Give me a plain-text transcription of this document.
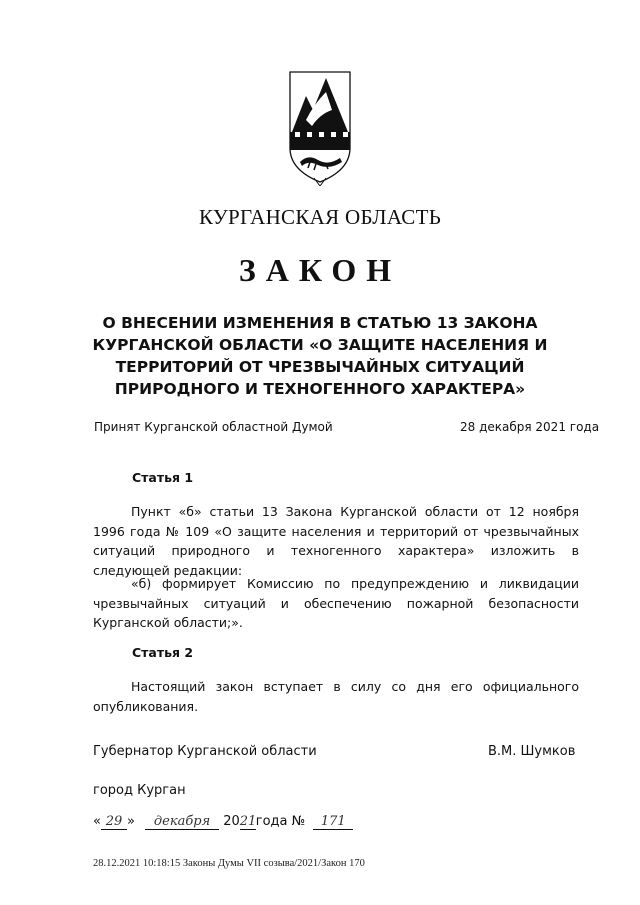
КУРГАНСКАЯ ОБЛАСТЬ
ЗАКОН
О ВНЕСЕНИИ ИЗМЕНЕНИЯ В СТАТЬЮ 13 ЗАКОНА КУРГАНСКОЙ ОБЛАСТИ «О ЗАЩИТЕ НАСЕЛЕНИЯ И ТЕРРИТОРИЙ ОТ ЧРЕЗВЫЧАЙНЫХ СИТУАЦИЙ ПРИРОДНОГО И ТЕХНОГЕННОГО ХАРАКТЕРА»
Принят Курганской областной Думой	28 декабря 2021 года
Статья 1

Пункт «б» статьи 13 Закона Курганской области от 12 ноября 1996 года № 109 «О защите населения и территорий от чрезвычайных ситуаций природного и техногенного характера» изложить в следующей редакции:

«б) формирует Комиссию по предупреждению и ликвидации чрезвычайных ситуаций и обеспечению пожарной безопасности Курганской области;».

Статья 2

Настоящий закон вступает в силу со дня его официального опубликования.

Губернатор Курганской области	В.М. Шумков
город Курган
« 29 » декабря 2021года № 171
28.12.2021 10:18:15 Законы Думы VII созыва/2021/Закон 170
